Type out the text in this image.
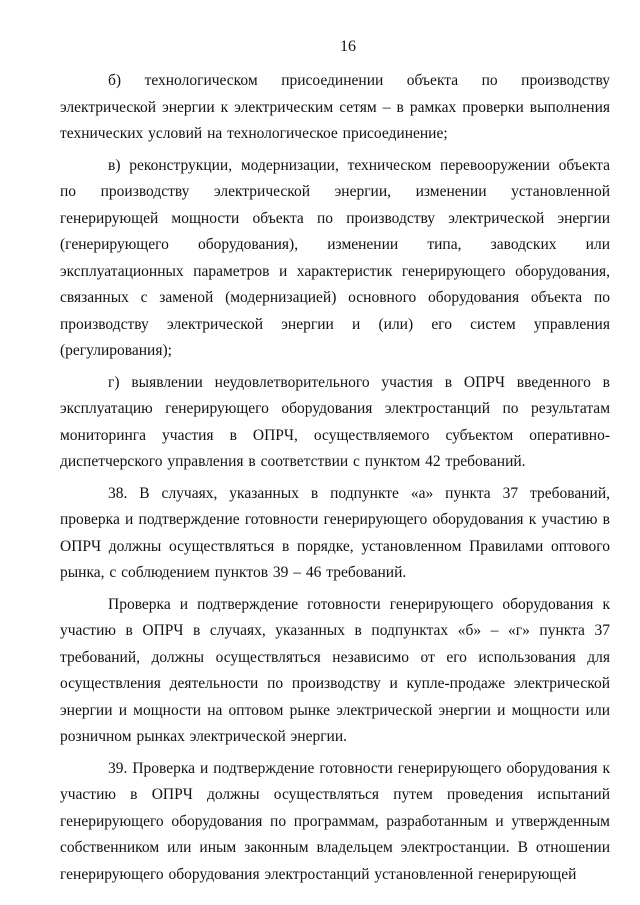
16

б) технологическом присоединении объекта по производству электрической энергии к электрическим сетям – в рамках проверки выполнения технических условий на технологическое присоединение;

в) реконструкции, модернизации, техническом перевооружении объекта по производству электрической энергии, изменении установленной генерирующей мощности объекта по производству электрической энергии (генерирующего оборудования), изменении типа, заводских или эксплуатационных параметров и характеристик генерирующего оборудования, связанных с заменой (модернизацией) основного оборудования объекта по производству электрической энергии и (или) его систем управления (регулирования);

г) выявлении неудовлетворительного участия в ОПРЧ введенного в эксплуатацию генерирующего оборудования электростанций по результатам мониторинга участия в ОПРЧ, осуществляемого субъектом оперативно-диспетчерского управления в соответствии с пунктом 42 требований.

38. В случаях, указанных в подпункте «а» пункта 37 требований, проверка и подтверждение готовности генерирующего оборудования к участию в ОПРЧ должны осуществляться в порядке, установленном Правилами оптового рынка, с соблюдением пунктов 39 – 46 требований.

Проверка и подтверждение готовности генерирующего оборудования к участию в ОПРЧ в случаях, указанных в подпунктах «б» – «г» пункта 37 требований, должны осуществляться независимо от его использования для осуществления деятельности по производству и купле-продаже электрической энергии и мощности на оптовом рынке электрической энергии и мощности или розничном рынках электрической энергии.

39. Проверка и подтверждение готовности генерирующего оборудования к участию в ОПРЧ должны осуществляться путем проведения испытаний генерирующего оборудования по программам, разработанным и утвержденным собственником или иным законным владельцем электростанции. В отношении генерирующего оборудования электростанций установленной генерирующей
